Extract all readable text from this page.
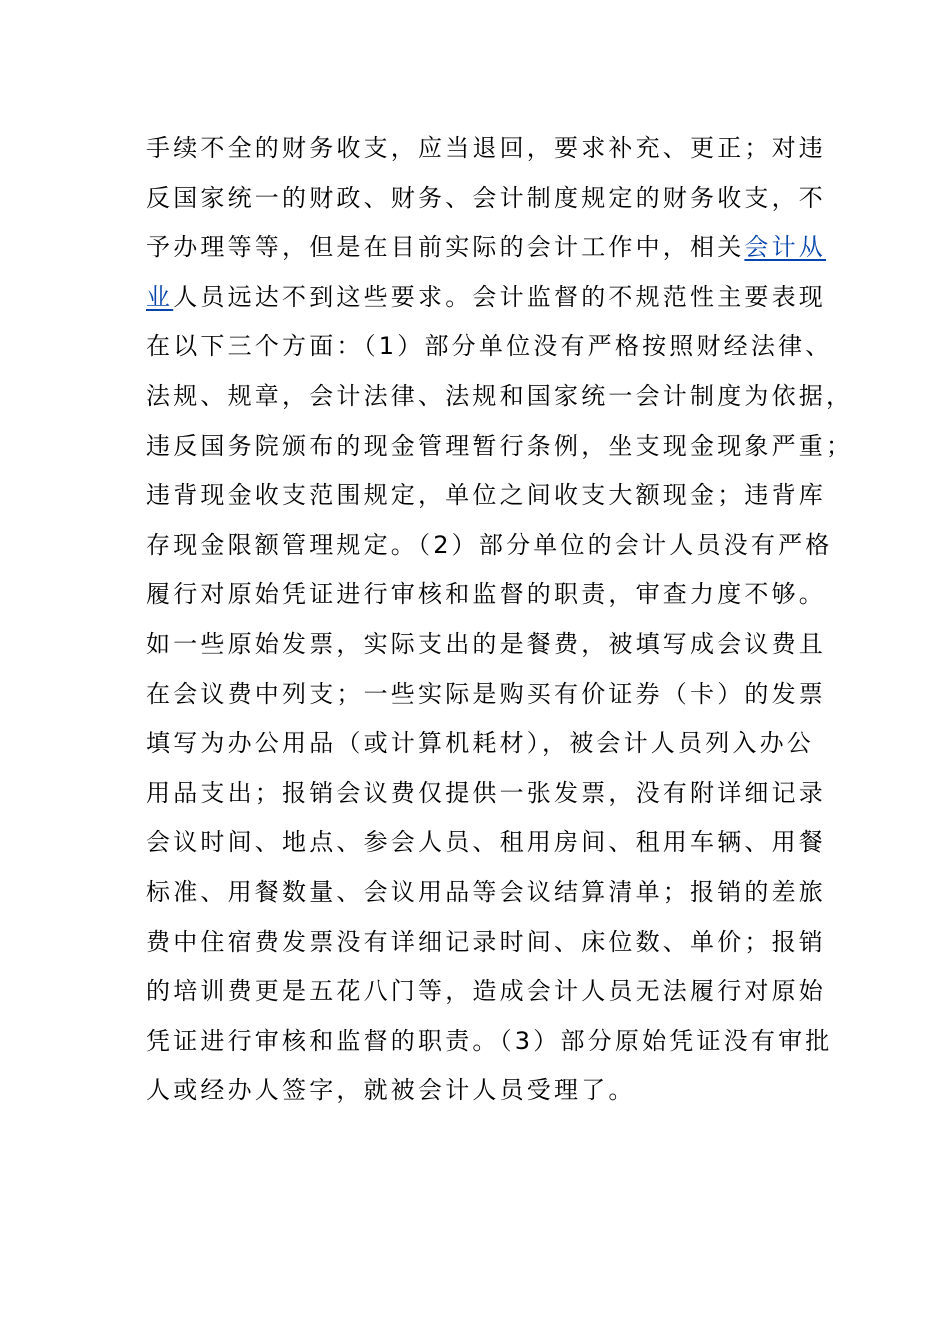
手续不全的财务收支，应当退回，要求补充、更正；对违
反国家统一的财政、财务、会计制度规定的财务收支，不
予办理等等，但是在目前实际的会计工作中，相关会计从
业人员远达不到这些要求。会计监督的不规范性主要表现
在以下三个方面：（1）部分单位没有严格按照财经法律、
法规、规章，会计法律、法规和国家统一会计制度为依据，
违反国务院颁布的现金管理暂行条例，坐支现金现象严重；
违背现金收支范围规定，单位之间收支大额现金；违背库
存现金限额管理规定。（2）部分单位的会计人员没有严格
履行对原始凭证进行审核和监督的职责，审查力度不够。
如一些原始发票，实际支出的是餐费，被填写成会议费且
在会议费中列支；一些实际是购买有价证券（卡）的发票
填写为办公用品（或计算机耗材），被会计人员列入办公
用品支出；报销会议费仅提供一张发票，没有附详细记录
会议时间、地点、参会人员、租用房间、租用车辆、用餐
标准、用餐数量、会议用品等会议结算清单；报销的差旅
费中住宿费发票没有详细记录时间、床位数、单价；报销
的培训费更是五花八门等，造成会计人员无法履行对原始
凭证进行审核和监督的职责。（3）部分原始凭证没有审批
人或经办人签字，就被会计人员受理了。
